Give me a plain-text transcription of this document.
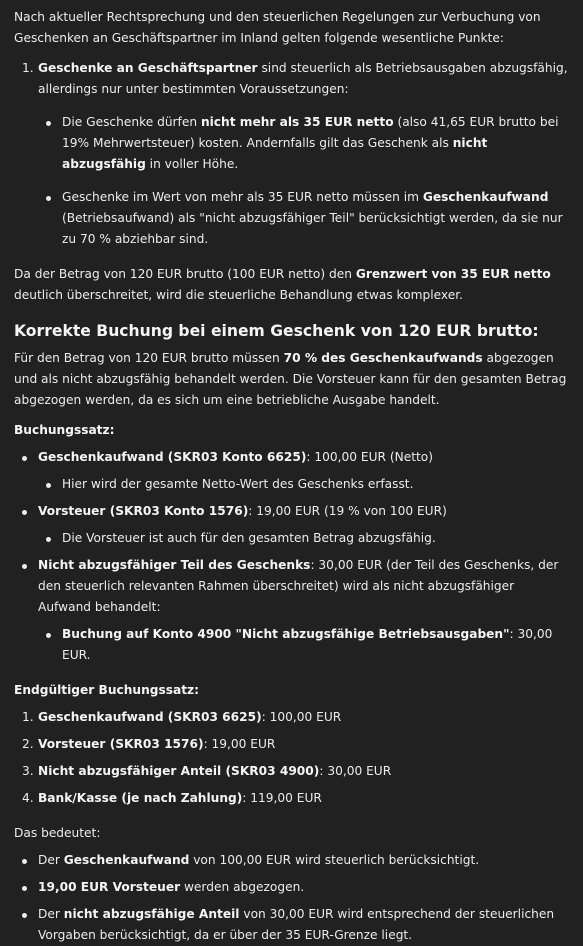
Nach aktueller Rechtsprechung und den steuerlichen Regelungen zur Verbuchung von Geschenken an Geschäftspartner im Inland gelten folgende wesentliche Punkte:

1. Geschenke an Geschäftspartner sind steuerlich als Betriebsausgaben abzugsfähig, allerdings nur unter bestimmten Voraussetzungen:
Die Geschenke dürfen nicht mehr als 35 EUR netto (also 41,65 EUR brutto bei 19% Mehrwertsteuer) kosten. Andernfalls gilt das Geschenk als nicht abzugsfähig in voller Höhe.
Geschenke im Wert von mehr als 35 EUR netto müssen im Geschenkaufwand (Betriebsaufwand) als "nicht abzugsfähiger Teil" berücksichtigt werden, da sie nur zu 70 % abziehbar sind.

Da der Betrag von 120 EUR brutto (100 EUR netto) den Grenzwert von 35 EUR netto deutlich überschreitet, wird die steuerliche Behandlung etwas komplexer.

Korrekte Buchung bei einem Geschenk von 120 EUR brutto:

Für den Betrag von 120 EUR brutto müssen 70 % des Geschenkaufwands abgezogen und als nicht abzugsfähig behandelt werden. Die Vorsteuer kann für den gesamten Betrag abgezogen werden, da es sich um eine betriebliche Ausgabe handelt.

Buchungssatz:

Geschenkaufwand (SKR03 Konto 6625): 100,00 EUR (Netto)
Hier wird der gesamte Netto-Wert des Geschenks erfasst.
Vorsteuer (SKR03 Konto 1576): 19,00 EUR (19 % von 100 EUR)
Die Vorsteuer ist auch für den gesamten Betrag abzugsfähig.
Nicht abzugsfähiger Teil des Geschenks: 30,00 EUR (der Teil des Geschenks, der den steuerlich relevanten Rahmen überschreitet) wird als nicht abzugsfähiger Aufwand behandelt:
Buchung auf Konto 4900 "Nicht abzugsfähige Betriebsausgaben": 30,00 EUR.

Endgültiger Buchungssatz:

1. Geschenkaufwand (SKR03 6625): 100,00 EUR
2. Vorsteuer (SKR03 1576): 19,00 EUR
3. Nicht abzugsfähiger Anteil (SKR03 4900): 30,00 EUR
4. Bank/Kasse (je nach Zahlung): 119,00 EUR

Das bedeutet:

Der Geschenkaufwand von 100,00 EUR wird steuerlich berücksichtigt.
19,00 EUR Vorsteuer werden abgezogen.
Der nicht abzugsfähige Anteil von 30,00 EUR wird entsprechend der steuerlichen Vorgaben berücksichtigt, da er über der 35 EUR-Grenze liegt.
